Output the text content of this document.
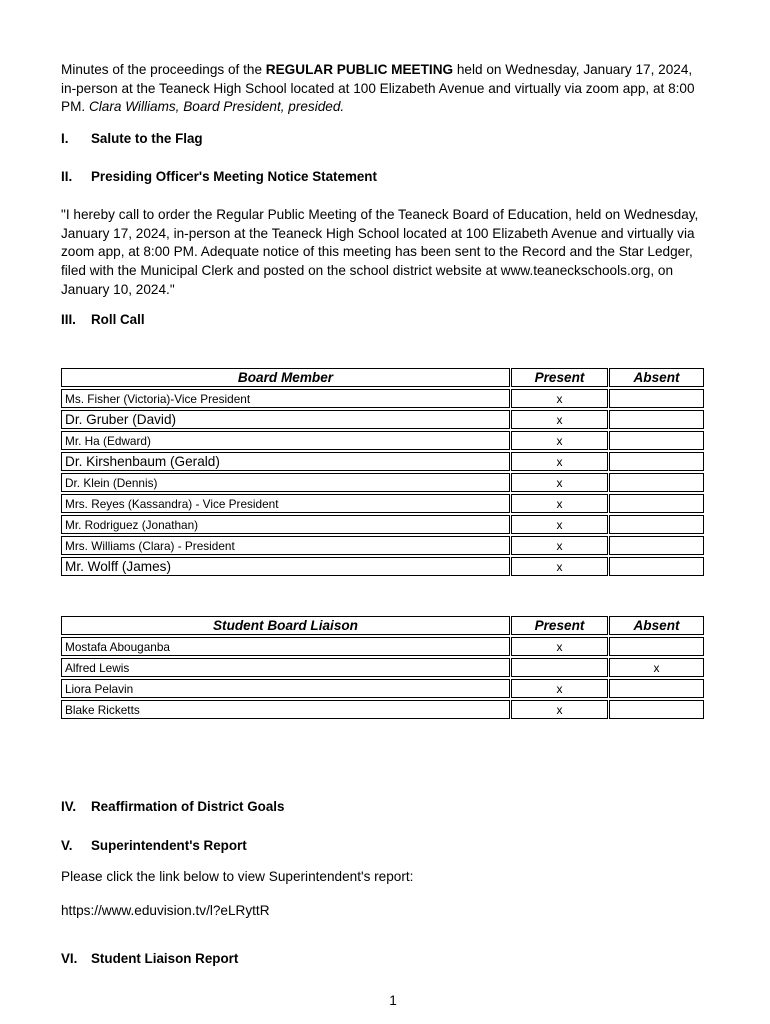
Minutes of the proceedings of the REGULAR PUBLIC MEETING held on Wednesday, January 17, 2024, in-person at the Teaneck High School located at 100 Elizabeth Avenue and virtually via zoom app, at 8:00 PM. Clara Williams, Board President, presided.
I. Salute to the Flag
II. Presiding Officer's Meeting Notice Statement
"I hereby call to order the Regular Public Meeting of the Teaneck Board of Education, held on Wednesday, January 17, 2024, in-person at the Teaneck High School located at 100 Elizabeth Avenue and virtually via zoom app, at 8:00 PM. Adequate notice of this meeting has been sent to the Record and the Star Ledger, filed with the Municipal Clerk and posted on the school district website at www.teaneckschools.org, on January 10, 2024."
III. Roll Call
Board Member		Present		Absent
Ms. Fisher (Victoria)-Vice President		x		
Dr. Gruber (David)		x		
Mr. Ha (Edward)		x		
Dr. Kirshenbaum (Gerald)		x		
Dr. Klein (Dennis)		x		
Mrs. Reyes (Kassandra) - Vice President		x		
Mr. Rodriguez (Jonathan)		x		
Mrs. Williams (Clara) - President		x		
Mr. Wolff (James)		x		
Student Board Liaison		Present		Absent
Mostafa Abouganba		x		
Alfred Lewis				x
Liora Pelavin		x		
Blake Ricketts		x		
IV. Reaffirmation of District Goals
V. Superintendent's Report
Please click the link below to view Superintendent's report:
https://www.eduvision.tv/l?eLRyttR
VI. Student Liaison Report
1
